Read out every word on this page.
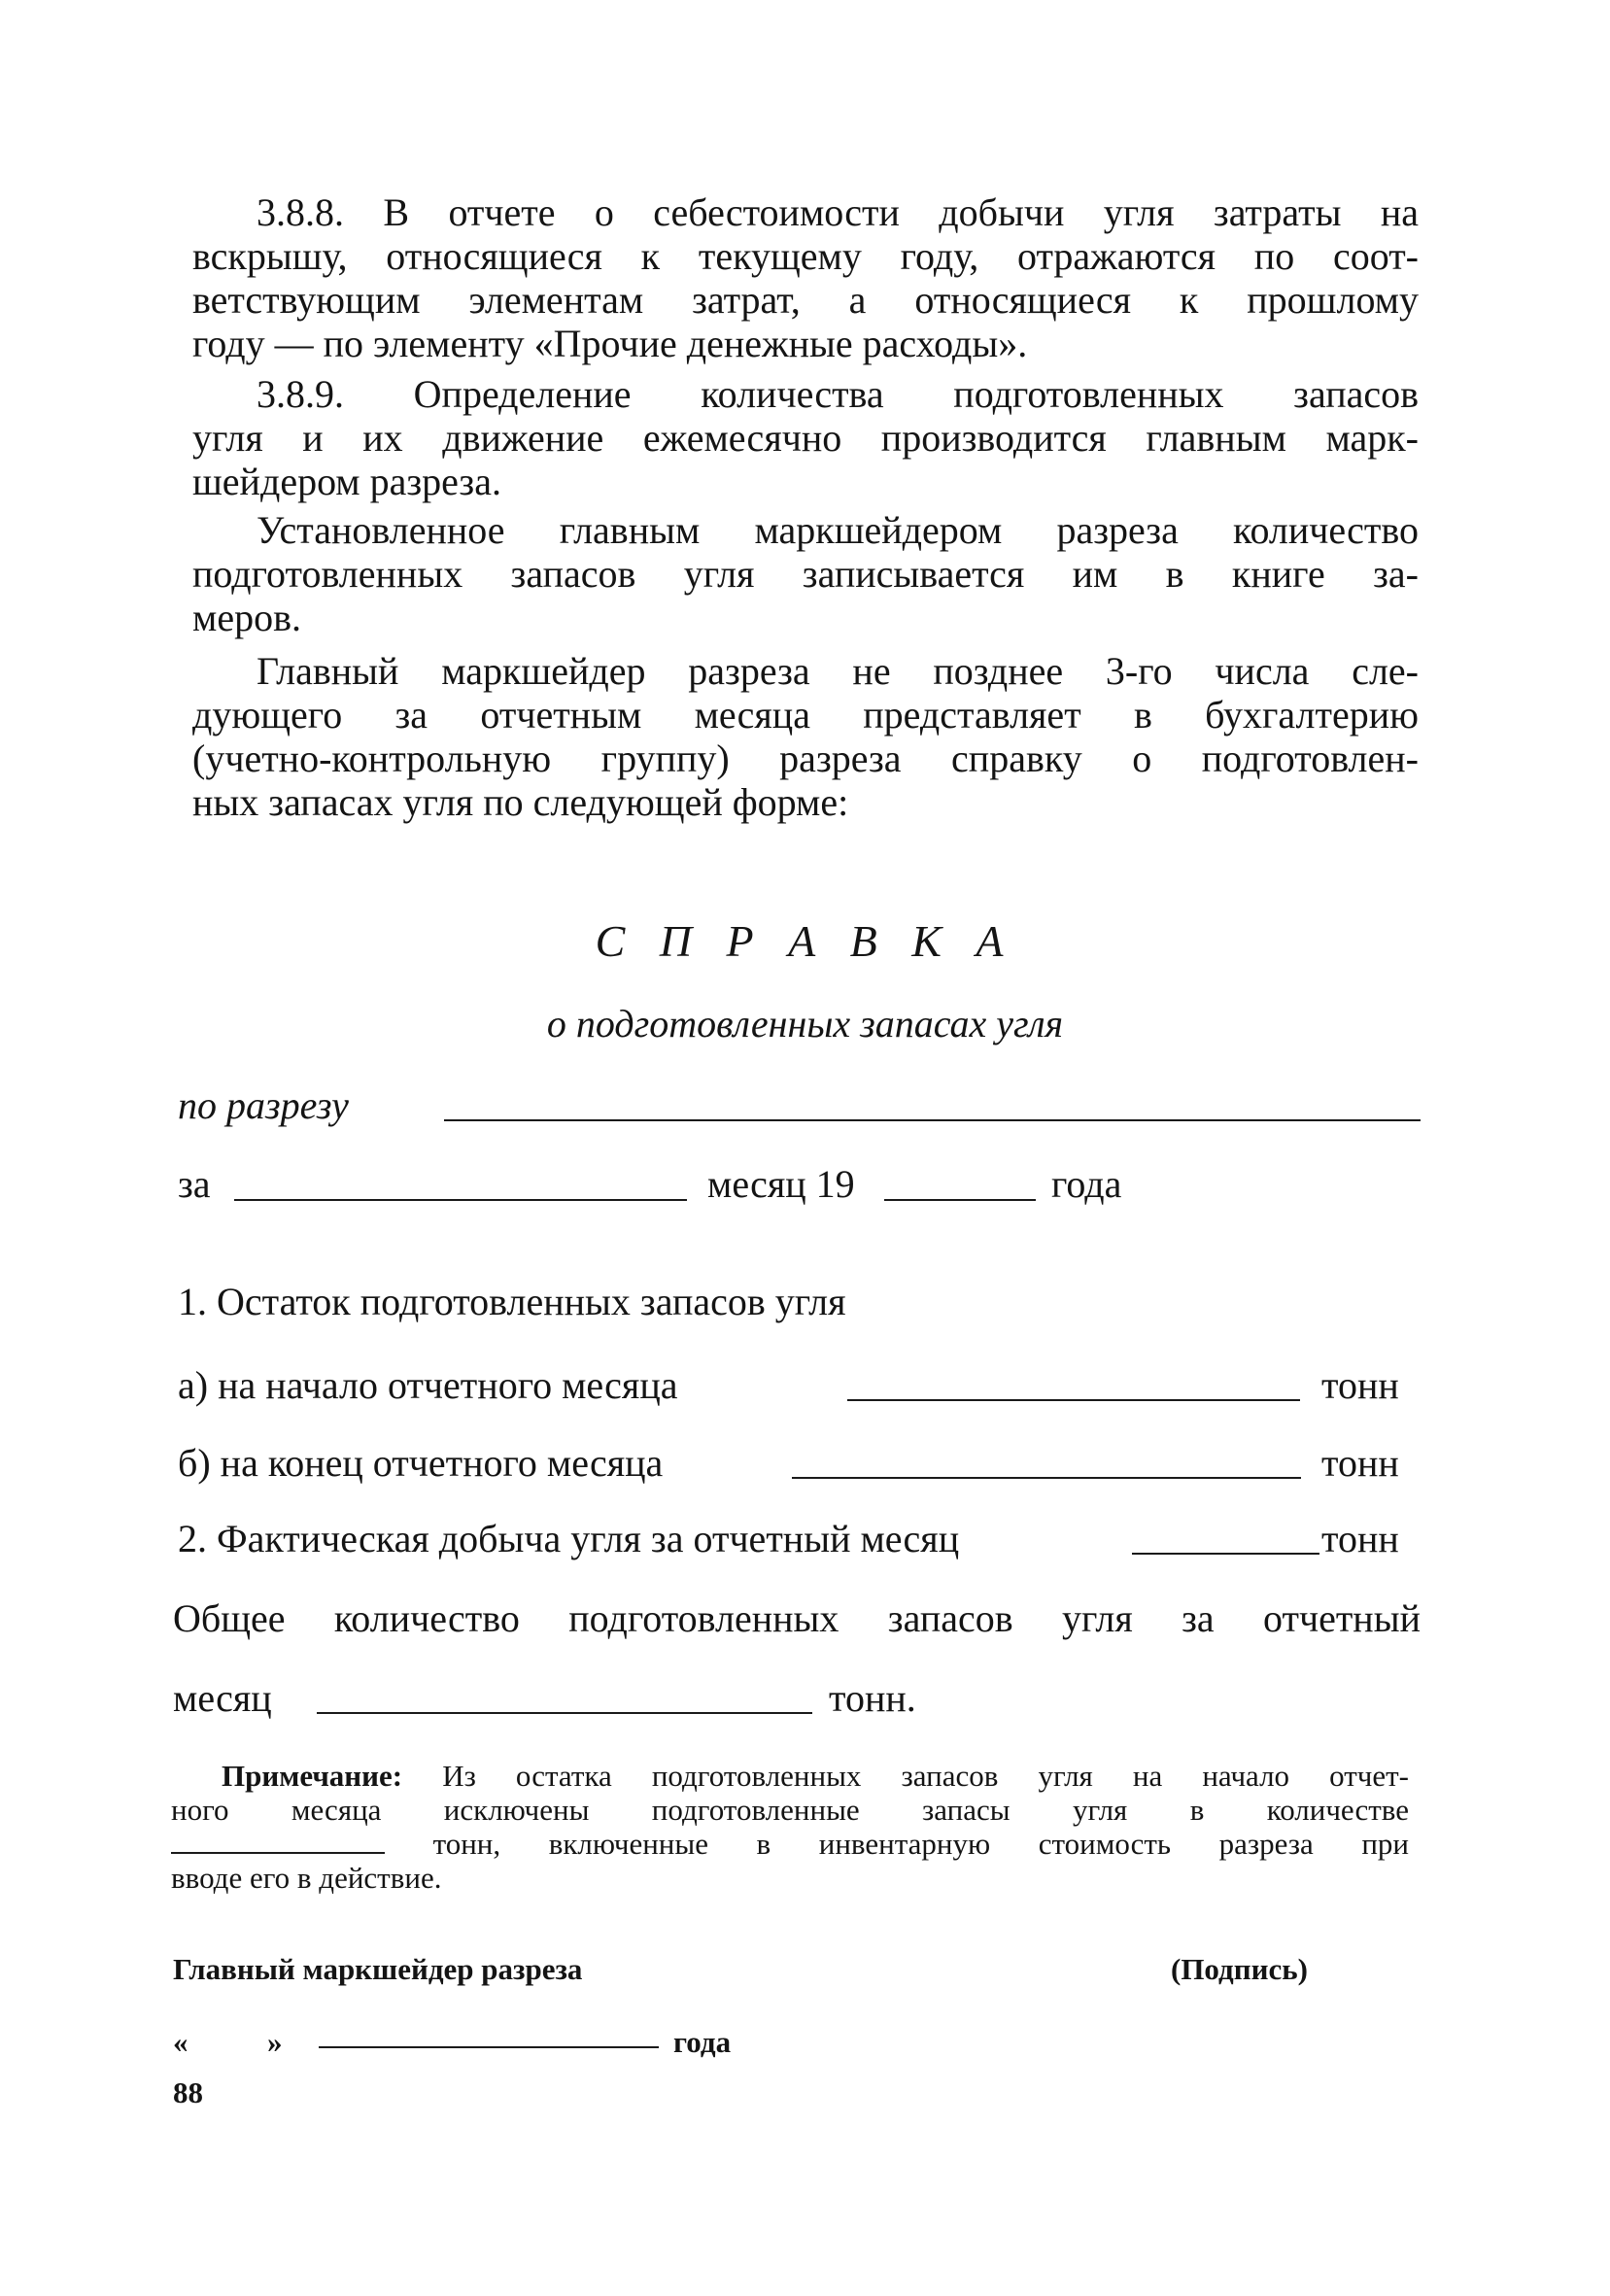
3.8.8. В отчете о себестоимости добычи угля затраты на
вскрышу, относящиеся к текущему году, отражаются по соот-
ветствующим элементам затрат, а относящиеся к прошлому
году — по элементу «Прочие денежные расходы».

3.8.9. Определение количества подготовленных запасов
угля и их движение ежемесячно производится главным марк-
шейдером разреза.

Установленное главным маркшейдером разреза количество
подготовленных запасов угля записывается им в книге за-
меров.

Главный маркшейдер разреза не позднее 3-го числа сле-
дующего за отчетным месяца представляет в бухгалтерию
(учетно-контрольную группу) разреза справку о подготовлен-
ных запасах угля по следующей форме:

С П Р А В К А
о подготовленных запасах угля
по разрезу
за	месяц 19	года
1. Остаток подготовленных запасов угля
а) на начало отчетного месяца	тонн
б) на конец отчетного месяца	тонн
2. Фактическая добыча угля за отчетный месяц	тонн
Общее количество подготовленных запасов угля за отчетный
месяц	тонн.
Примечание: Из остатка подготовленных запасов угля на начало отчет-
ного месяца исключены подготовленные запасы угля в количестве
тонн, включенные в инвентарную стоимость разреза при
вводе его в действие.
Главный маркшейдер разреза	(Подпись)
«	»	года
88
